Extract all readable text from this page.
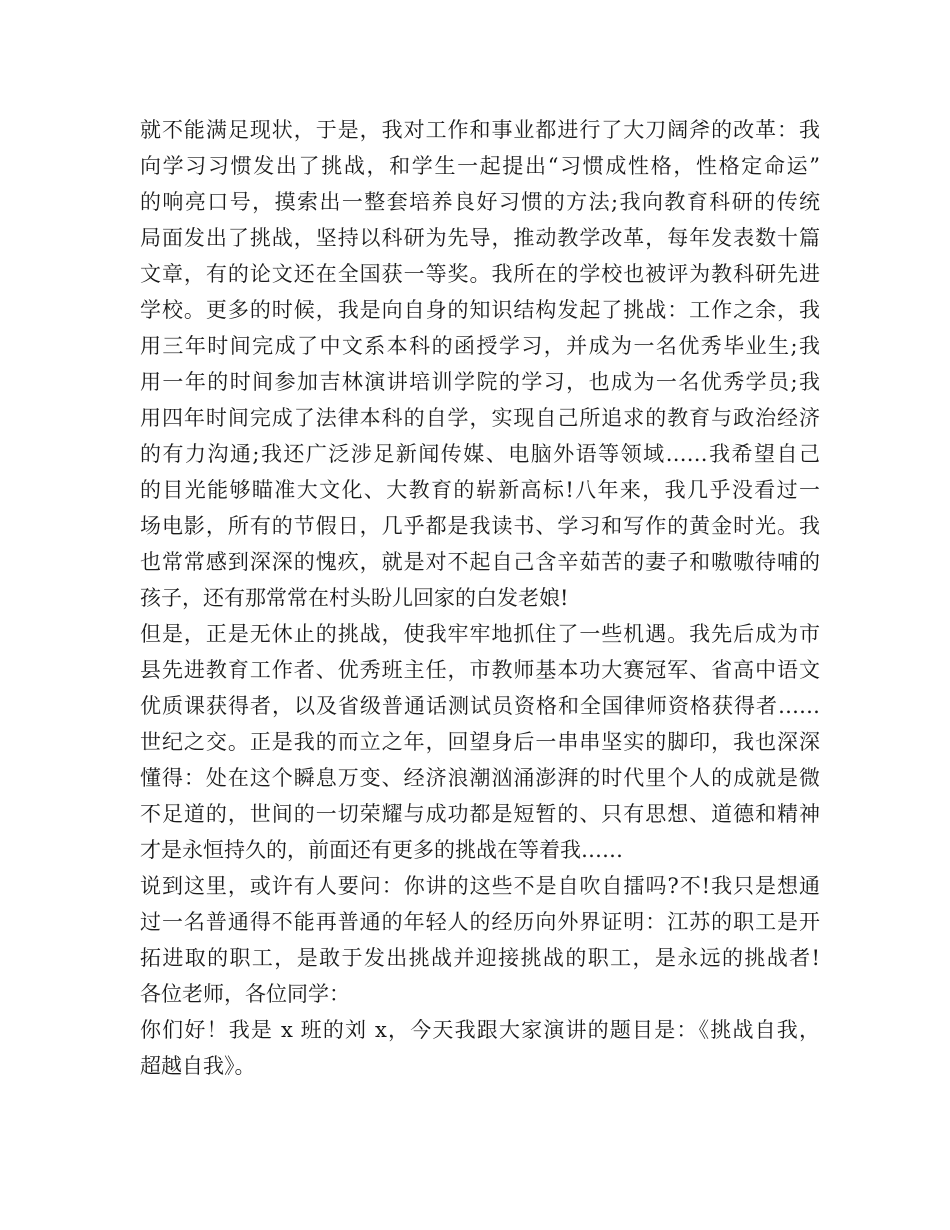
就不能满足现状，于是，我对工作和事业都进行了大刀阔斧的改革：我
向学习习惯发出了挑战，和学生一起提出“习惯成性格，性格定命运”
的响亮口号，摸索出一整套培养良好习惯的方法;我向教育科研的传统
局面发出了挑战，坚持以科研为先导，推动教学改革，每年发表数十篇
文章，有的论文还在全国获一等奖。我所在的学校也被评为教科研先进
学校。更多的时候，我是向自身的知识结构发起了挑战：工作之余，我
用三年时间完成了中文系本科的函授学习，并成为一名优秀毕业生;我
用一年的时间参加吉林演讲培训学院的学习，也成为一名优秀学员;我
用四年时间完成了法律本科的自学，实现自己所追求的教育与政治经济
的有力沟通;我还广泛涉足新闻传媒、电脑外语等领域……我希望自己
的目光能够瞄准大文化、大教育的崭新高标!八年来，我几乎没看过一
场电影，所有的节假日，几乎都是我读书、学习和写作的黄金时光。我
也常常感到深深的愧疚，就是对不起自己含辛茹苦的妻子和嗷嗷待哺的
孩子，还有那常常在村头盼儿回家的白发老娘!
但是，正是无休止的挑战，使我牢牢地抓住了一些机遇。我先后成为市
县先进教育工作者、优秀班主任，市教师基本功大赛冠军、省高中语文
优质课获得者，以及省级普通话测试员资格和全国律师资格获得者……
世纪之交。正是我的而立之年，回望身后一串串坚实的脚印，我也深深
懂得：处在这个瞬息万变、经济浪潮汹涌澎湃的时代里个人的成就是微
不足道的，世间的一切荣耀与成功都是短暂的、只有思想、道德和精神
才是永恒持久的，前面还有更多的挑战在等着我……
说到这里，或许有人要问：你讲的这些不是自吹自擂吗?不!我只是想通
过一名普通得不能再普通的年轻人的经历向外界证明：江苏的职工是开
拓进取的职工，是敢于发出挑战并迎接挑战的职工，是永远的挑战者!
各位老师，各位同学：
你们好！我是 x 班的刘 x，今天我跟大家演讲的题目是：《挑战自我，
超越自我》。
